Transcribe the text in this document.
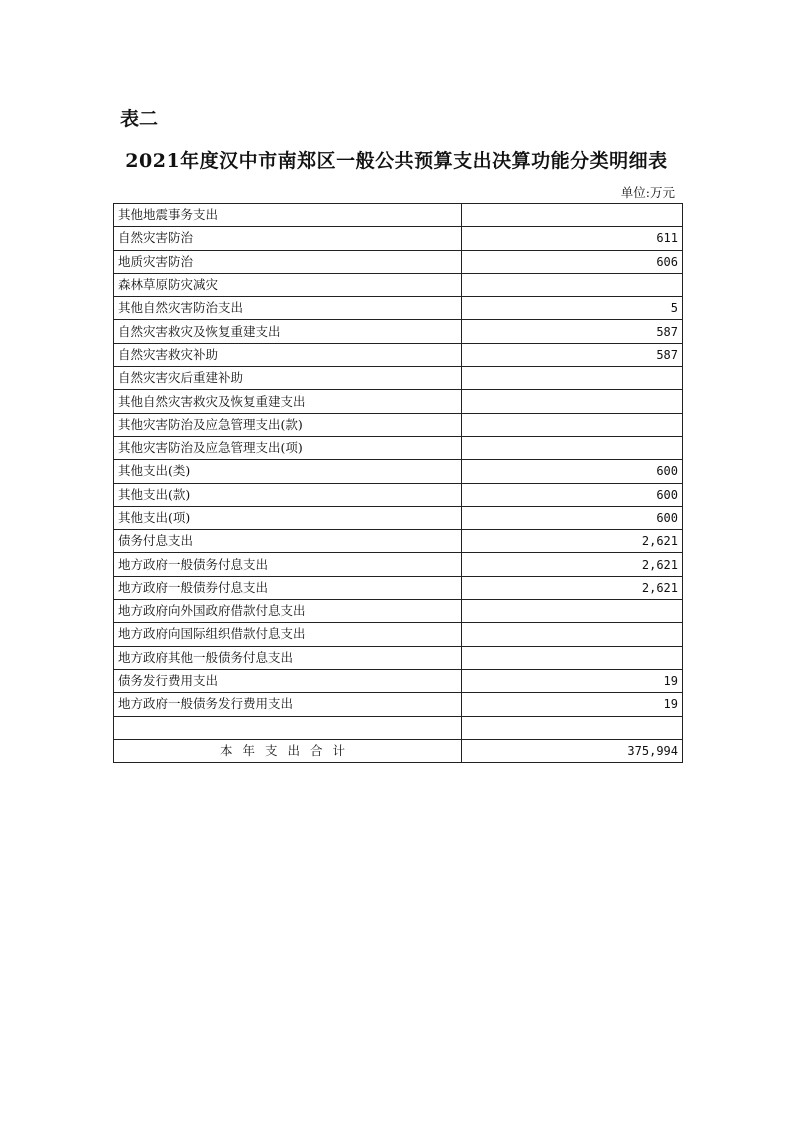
表二
2021年度汉中市南郑区一般公共预算支出决算功能分类明细表
单位:万元
其他地震事务支出	
自然灾害防治	611
地质灾害防治	606
森林草原防灾减灾	
其他自然灾害防治支出	5
自然灾害救灾及恢复重建支出	587
自然灾害救灾补助	587
自然灾害灾后重建补助	
其他自然灾害救灾及恢复重建支出	
其他灾害防治及应急管理支出(款)	
其他灾害防治及应急管理支出(项)	
其他支出(类)	600
其他支出(款)	600
其他支出(项)	600
债务付息支出	2,621
地方政府一般债务付息支出	2,621
地方政府一般债券付息支出	2,621
地方政府向外国政府借款付息支出	
地方政府向国际组织借款付息支出	
地方政府其他一般债务付息支出	
债务发行费用支出	19
地方政府一般债务发行费用支出	19

本年支出合计	375,994
